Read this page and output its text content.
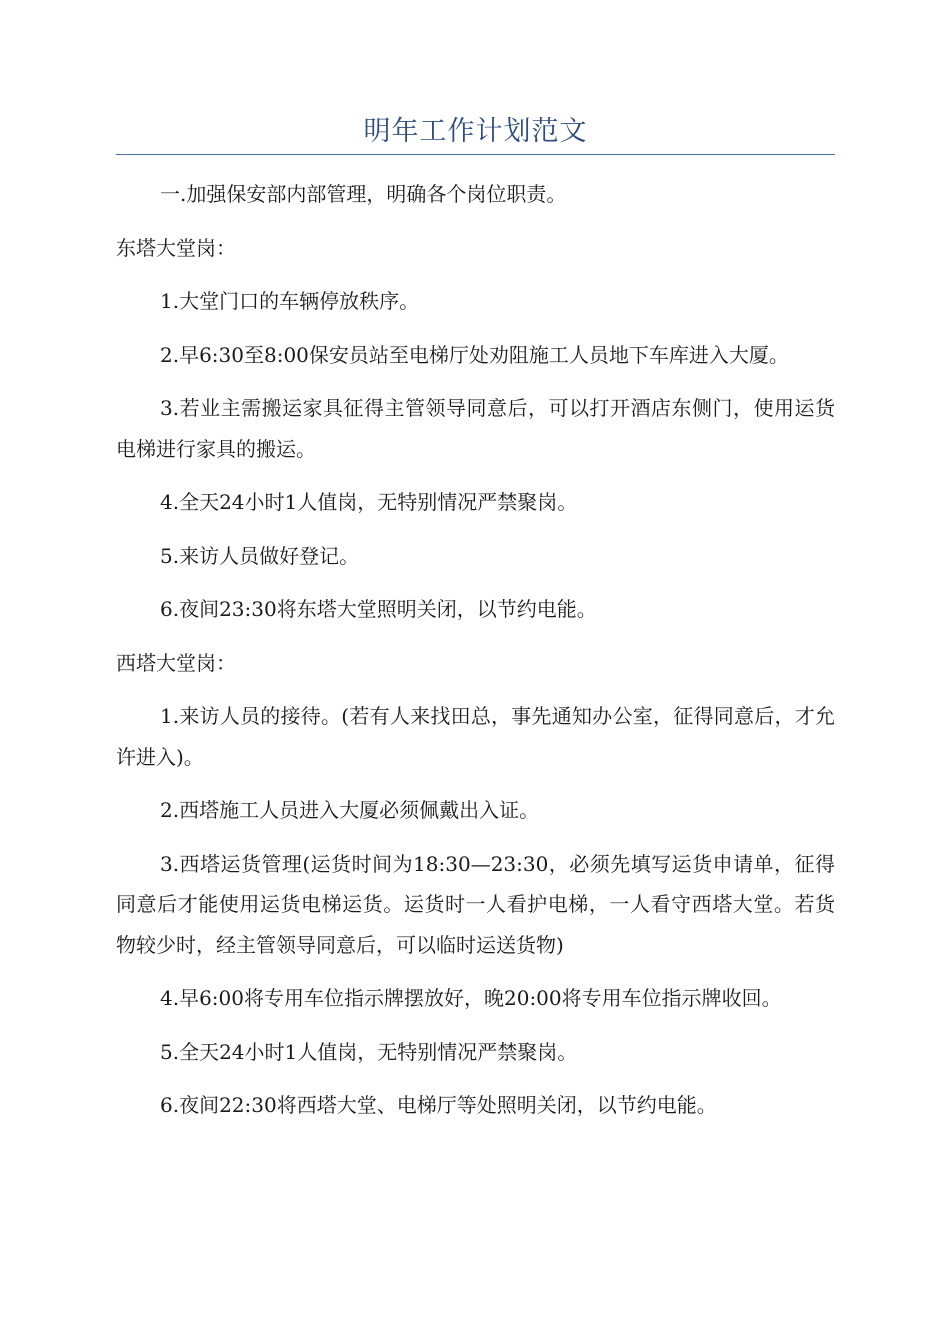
明年工作计划范文

一.加强保安部内部管理，明确各个岗位职责。

东塔大堂岗：

1.大堂门口的车辆停放秩序。

2.早6:30至8:00保安员站至电梯厅处劝阻施工人员地下车库进入大厦。

3.若业主需搬运家具征得主管领导同意后，可以打开酒店东侧门，使用运货电梯进行家具的搬运。

4.全天24小时1人值岗，无特别情况严禁聚岗。

5.来访人员做好登记。

6.夜间23:30将东塔大堂照明关闭，以节约电能。

西塔大堂岗：

1.来访人员的接待。(若有人来找田总，事先通知办公室，征得同意后，才允许进入)。

2.西塔施工人员进入大厦必须佩戴出入证。

3.西塔运货管理(运货时间为18:30—23:30，必须先填写运货申请单，征得同意后才能使用运货电梯运货。运货时一人看护电梯，一人看守西塔大堂。若货物较少时，经主管领导同意后，可以临时运送货物)

4.早6:00将专用车位指示牌摆放好，晚20:00将专用车位指示牌收回。

5.全天24小时1人值岗，无特别情况严禁聚岗。

6.夜间22:30将西塔大堂、电梯厅等处照明关闭，以节约电能。
